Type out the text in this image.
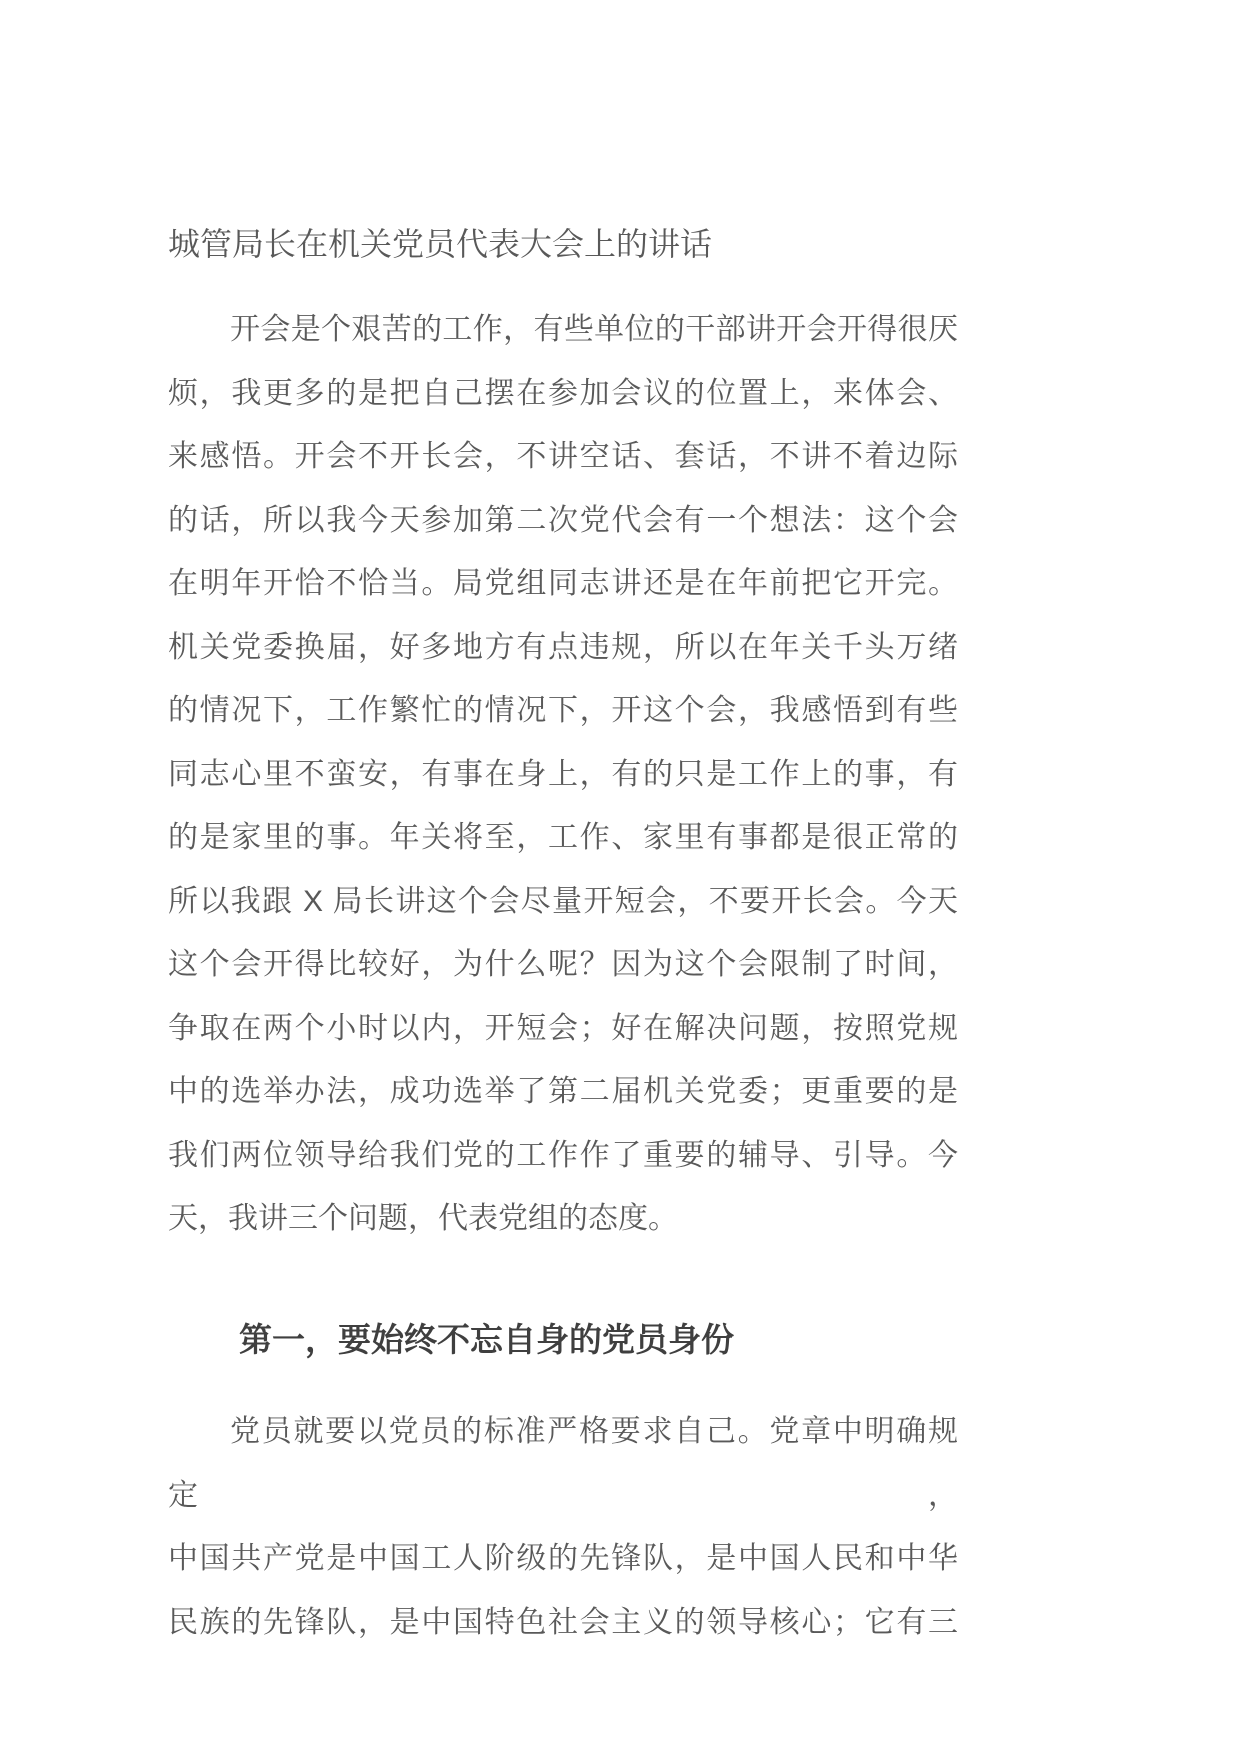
城管局长在机关党员代表大会上的讲话
开会是个艰苦的工作，有些单位的干部讲开会开得很厌
烦，我更多的是把自己摆在参加会议的位置上，来体会、
来感悟。开会不开长会，不讲空话、套话，不讲不着边际
的话，所以我今天参加第二次党代会有一个想法：这个会
在明年开恰不恰当。局党组同志讲还是在年前把它开完。
机关党委换届，好多地方有点违规，所以在年关千头万绪
的情况下，工作繁忙的情况下，开这个会，我感悟到有些
同志心里不蛮安，有事在身上，有的只是工作上的事，有
的是家里的事。年关将至，工作、家里有事都是很正常的
所以我跟 X 局长讲这个会尽量开短会，不要开长会。今天
这个会开得比较好，为什么呢？因为这个会限制了时间，
争取在两个小时以内，开短会；好在解决问题，按照党规
中的选举办法，成功选举了第二届机关党委；更重要的是
我们两位领导给我们党的工作作了重要的辅导、引导。今
天，我讲三个问题，代表党组的态度。
第一，要始终不忘自身的党员身份
党员就要以党员的标准严格要求自己。党章中明确规定，
中国共产党是中国工人阶级的先锋队，是中国人民和中华
民族的先锋队，是中国特色社会主义的领导核心；它有三
